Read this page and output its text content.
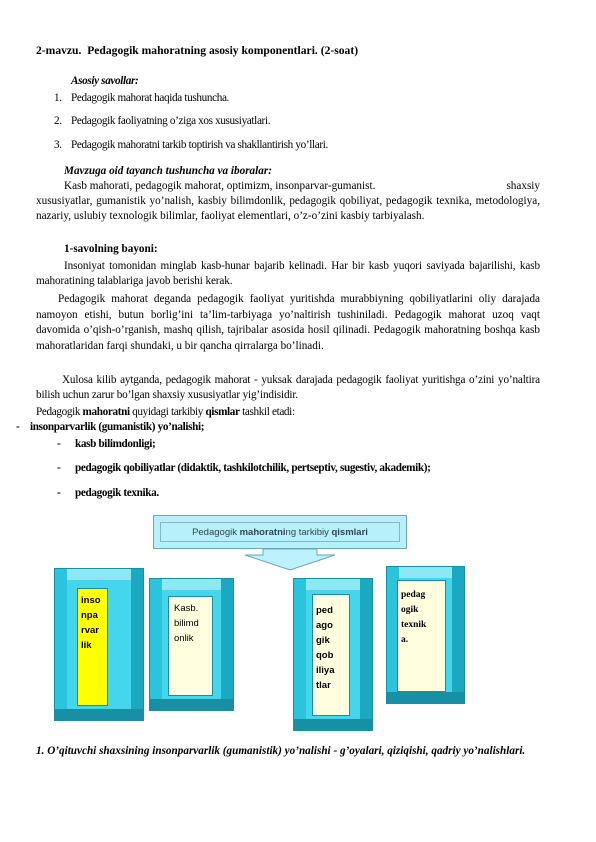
2-mavzu. Pedagogik mahoratning asosiy komponentlari. (2-soat)
Asosiy savollar:
1. Pedagogik mahorat haqida tushuncha.
2. Pedagogik faoliyatning o’ziga xos xususiyatlari.
3. Pedagogik mahoratni tarkib toptirish va shakllantirish yo’llari.
Mavzuga oid tayanch tushuncha va iboralar:
Kasb mahorati, pedagogik mahorat, optimizm, insonparvar-gumanist.	shaxsiy
xususiyatlar, gumanistik yo’nalish, kasbiy bilimdonlik, pedagogik qobiliyat, pedagogik texnika, metodologiya, nazariy, uslubiy texnologik bilimlar, faoliyat elementlari, o’z-o’zini kasbiy tarbiyalash.
1-savolning bayoni:
Insoniyat tomonidan minglab kasb-hunar bajarib kelinadi. Har bir kasb yuqori saviyada bajarilishi, kasb mahoratining talablariga javob berishi kerak.
Pedagogik mahorat deganda pedagogik faoliyat yuritishda murabbiyning qobiliyatlarini oliy darajada namoyon etishi, butun borlig’ini ta’lim-tarbiyaga yo’naltirish tushiniladi. Pedagogik mahorat uzoq vaqt davomida o’qish-o’rganish, mashq qilish, tajribalar asosida hosil qilinadi. Pedagogik mahoratning boshqa kasb mahoratlaridan farqi shundaki, u bir qancha qirralarga bo’linadi.
Xulosa kilib aytganda, pedagogik mahorat - yuksak darajada pedagogik faoliyat yuritishga o’zini yo’naltira bilish uchun zarur bo’lgan shaxsiy xususiyatlar yig’indisidir.
Pedagogik mahoratni quyidagi tarkibiy qismlar tashkil etadi:
- insonparvarlik (gumanistik) yo’nalishi;
- kasb bilimdonligi;
- pedagogik qobiliyatlar (didaktik, tashkilotchilik, pertseptiv, sugestiv, akademik);
- pedagogik texnika.
Pedagogik mahoratning tarkibiy qismlari
inso
npa
rvar
lik
Kasb.
bilimd
onlik
ped
ago
gik
qob
iliya
tlar
pedag
ogik
texnik
a.
1. O’qituvchi shaxsining insonparvarlik (gumanistik) yo’nalishi - g’oyalari, qiziqishi, qadriy yo’nalishlari.
